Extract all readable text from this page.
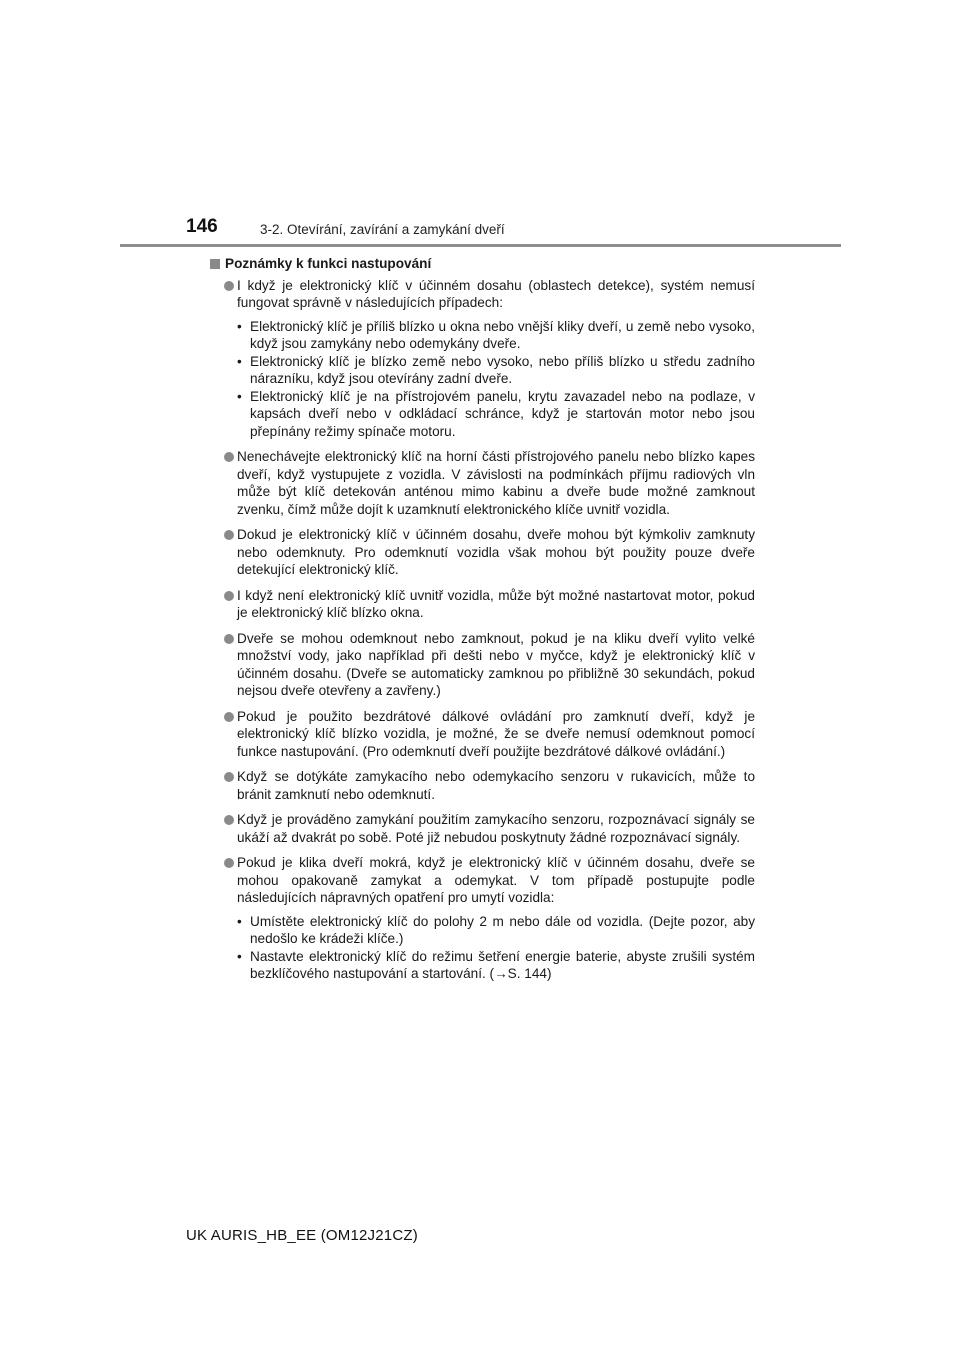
146	3-2. Otevírání, zavírání a zamykání dveří
Poznámky k funkci nastupování
I když je elektronický klíč v účinném dosahu (oblastech detekce), systém nemusí fungovat správně v následujících případech:
• Elektronický klíč je příliš blízko u okna nebo vnější kliky dveří, u země nebo vysoko, když jsou zamykány nebo odemykány dveře.
• Elektronický klíč je blízko země nebo vysoko, nebo příliš blízko u středu zadního nárazníku, když jsou otevírány zadní dveře.
• Elektronický klíč je na přístrojovém panelu, krytu zavazadel nebo na podlaze, v kapsách dveří nebo v odkládací schránce, když je startován motor nebo jsou přepínány režimy spínače motoru.
Nenechávejte elektronický klíč na horní části přístrojového panelu nebo blízko kapes dveří, když vystupujete z vozidla. V závislosti na podmínkách příjmu radiových vln může být klíč detekován anténou mimo kabinu a dveře bude možné zamknout zvenku, čímž může dojít k uzamknutí elektronického klíče uvnitř vozidla.
Dokud je elektronický klíč v účinném dosahu, dveře mohou být kýmkoliv zamknuty nebo odemknuty. Pro odemknutí vozidla však mohou být použity pouze dveře detekující elektronický klíč.
I když není elektronický klíč uvnitř vozidla, může být možné nastartovat motor, pokud je elektronický klíč blízko okna.
Dveře se mohou odemknout nebo zamknout, pokud je na kliku dveří vylito velké množství vody, jako například při dešti nebo v myčce, když je elektronický klíč v účinném dosahu. (Dveře se automaticky zamknou po přibližně 30 sekundách, pokud nejsou dveře otevřeny a zavřeny.)
Pokud je použito bezdrátové dálkové ovládání pro zamknutí dveří, když je elektronický klíč blízko vozidla, je možné, že se dveře nemusí odemknout pomocí funkce nastupování. (Pro odemknutí dveří použijte bezdrátové dálkové ovládání.)
Když se dotýkáte zamykacího nebo odemykacího senzoru v rukavicích, může to bránit zamknutí nebo odemknutí.
Když je prováděno zamykání použitím zamykacího senzoru, rozpoznávací signály se ukáží až dvakrát po sobě. Poté již nebudou poskytnuty žádné rozpoznávací signály.
Pokud je klika dveří mokrá, když je elektronický klíč v účinném dosahu, dveře se mohou opakovaně zamykat a odemykat. V tom případě postupujte podle následujících nápravných opatření pro umytí vozidla:
• Umístěte elektronický klíč do polohy 2 m nebo dále od vozidla. (Dejte pozor, aby nedošlo ke krádeži klíče.)
• Nastavte elektronický klíč do režimu šetření energie baterie, abyste zrušili systém bezklíčového nastupování a startování. (→S. 144)
UK AURIS_HB_EE (OM12J21CZ)
